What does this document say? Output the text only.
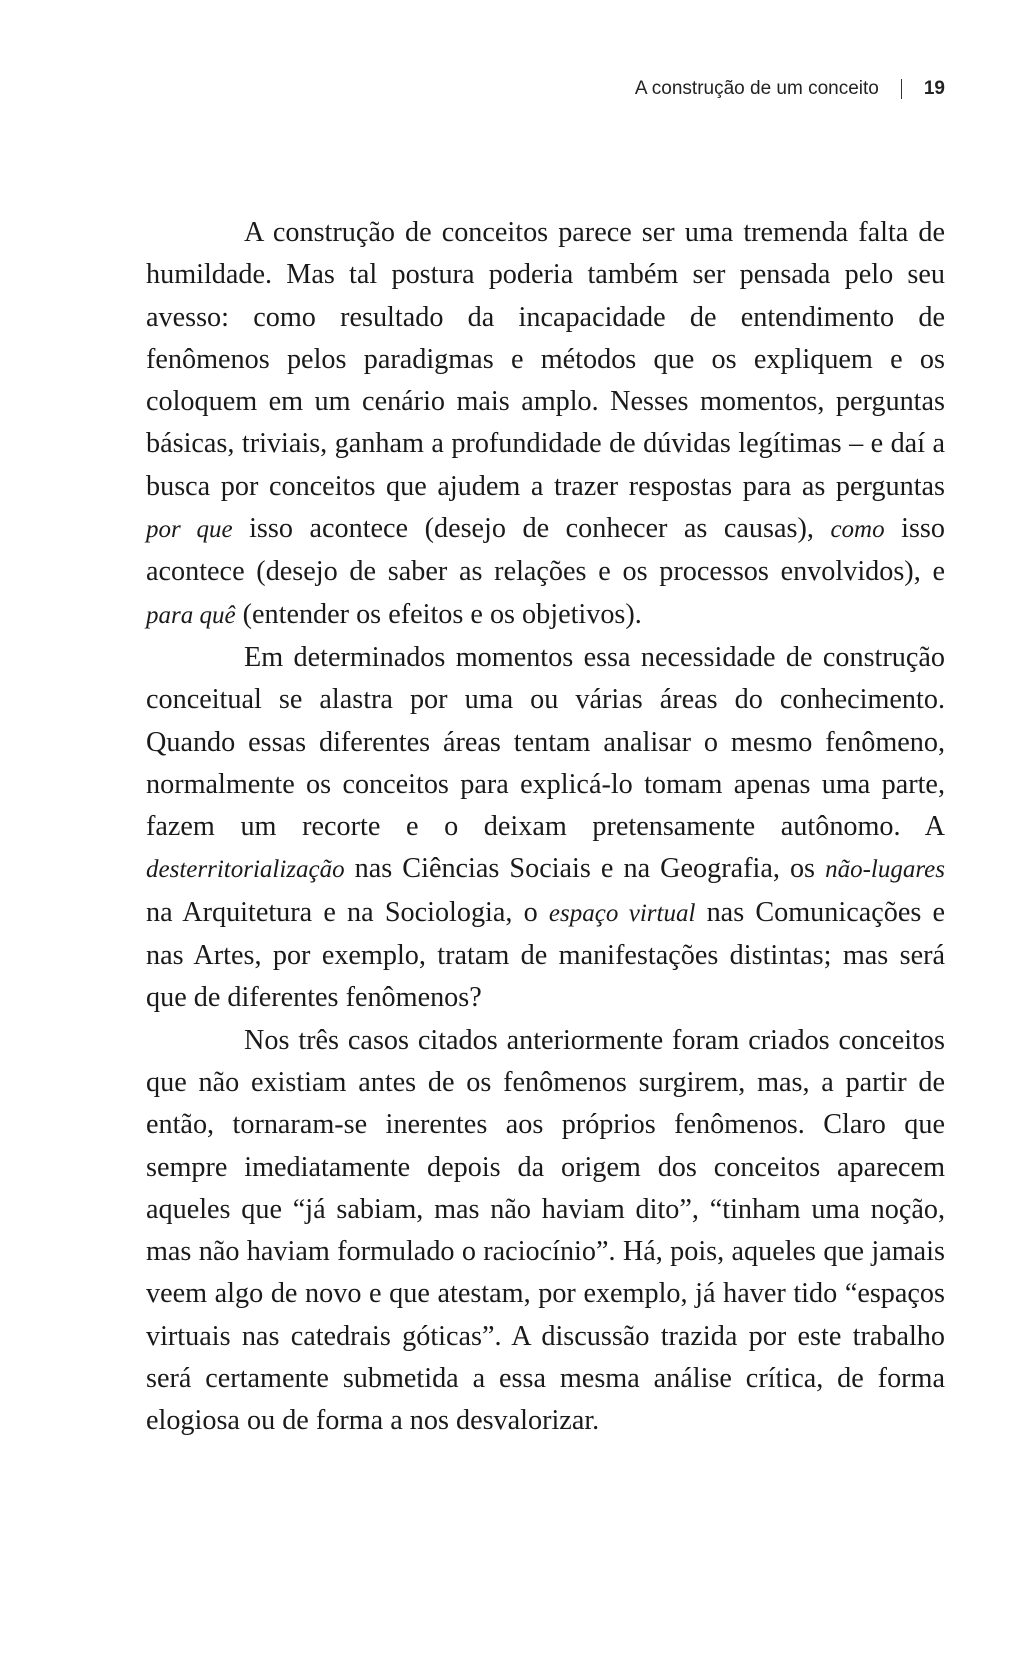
A construção de um conceito 19

A construção de conceitos parece ser uma tremenda falta de humildade. Mas tal postura poderia também ser pensada pelo seu avesso: como resultado da incapacidade de entendimento de fenômenos pelos paradigmas e métodos que os expliquem e os coloquem em um cenário mais amplo. Nesses momentos, perguntas básicas, triviais, ganham a profundidade de dúvidas legítimas – e daí a busca por conceitos que ajudem a trazer respostas para as perguntas por que isso acontece (desejo de conhecer as causas), como isso acontece (desejo de saber as relações e os processos envolvidos), e para quê (entender os efeitos e os objetivos).

Em determinados momentos essa necessidade de construção conceitual se alastra por uma ou várias áreas do conhecimento. Quando essas diferentes áreas tentam analisar o mesmo fenômeno, normalmente os conceitos para explicá-lo tomam apenas uma parte, fazem um recorte e o deixam pretensamente autônomo. A desterritorialização nas Ciências Sociais e na Geografia, os não-lugares na Arquitetura e na Sociologia, o espaço virtual nas Comunicações e nas Artes, por exemplo, tratam de manifestações distintas; mas será que de diferentes fenômenos?

Nos três casos citados anteriormente foram criados conceitos que não existiam antes de os fenômenos surgirem, mas, a partir de então, tornaram-se inerentes aos próprios fenômenos. Claro que sempre imediatamente depois da origem dos conceitos aparecem aqueles que “já sabiam, mas não haviam dito”, “tinham uma noção, mas não haviam formulado o raciocínio”. Há, pois, aqueles que jamais veem algo de novo e que atestam, por exemplo, já haver tido “espaços virtuais nas catedrais góticas”. A discussão trazida por este trabalho será certamente submetida a essa mesma análise crítica, de forma elogiosa ou de forma a nos desvalorizar.
